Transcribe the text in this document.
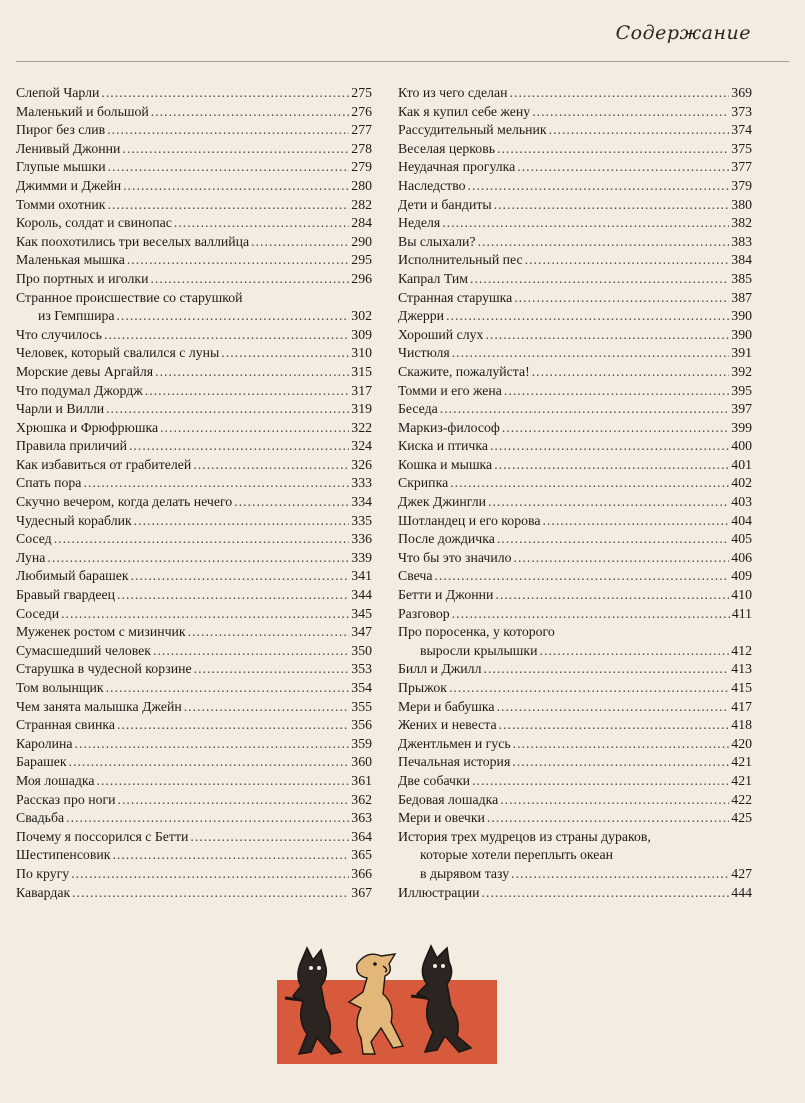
Содержание
Слепой Чарли .....	275
Маленький и большой .....	276
Пирог без слив .....	277
Ленивый Джонни .....	278
Глупые мышки .....	279
Джимми и Джейн .....	280
Томми охотник .....	282
Король, солдат и свинопас .....	284
Как поохотились три веселых валлийца .....	290
Маленькая мышка .....	295
Про портных и иголки .....	296
Странное происшествие со старушкой
из Гемпшира .....	302
Что случилось .....	309
Человек, который свалился с луны .....	310
Морские девы Аргайля .....	315
Что подумал Джордж .....	317
Чарли и Вилли .....	319
Хрюшка и Фрюфрюшка .....	322
Правила приличий .....	324
Как избавиться от грабителей .....	326
Спать пора .....	333
Скучно вечером, когда делать нечего .....	334
Чудесный кораблик .....	335
Сосед .....	336
Луна .....	339
Любимый барашек .....	341
Бравый гвардеец .....	344
Соседи .....	345
Муженек ростом с мизинчик .....	347
Сумасшедший человек .....	350
Старушка в чудесной корзине .....	353
Том волынщик .....	354
Чем занята малышка Джейн .....	355
Странная свинка .....	356
Каролина .....	359
Барашек .....	360
Моя лошадка .....	361
Рассказ про ноги .....	362
Свадьба .....	363
Почему я поссорился с Бетти .....	364
Шестипенсовик .....	365
По кругу .....	366
Кавардак .....	367
Кто из чего сделан .....	369
Как я купил себе жену .....	373
Рассудительный мельник .....	374
Веселая церковь .....	375
Неудачная прогулка .....	377
Наследство .....	379
Дети и бандиты .....	380
Неделя .....	382
Вы слыхали? .....	383
Исполнительный пес .....	384
Капрал Тим .....	385
Странная старушка .....	387
Джерри .....	390
Хороший слух .....	390
Чистюля .....	391
Скажите, пожалуйста! .....	392
Томми и его жена .....	395
Беседа .....	397
Маркиз-философ .....	399
Киска и птичка .....	400
Кошка и мышка .....	401
Скрипка .....	402
Джек Джингли .....	403
Шотландец и его корова .....	404
После дождичка .....	405
Что бы это значило .....	406
Свеча .....	409
Бетти и Джонни .....	410
Разговор .....	411
Про поросенка, у которого
выросли крылышки .....	412
Билл и Джилл .....	413
Прыжок .....	415
Мери и бабушка .....	417
Жених и невеста .....	418
Джентльмен и гусь .....	420
Печальная история .....	421
Две собачки .....	421
Бедовая лошадка .....	422
Мери и овечки .....	425
История трех мудрецов из страны дураков,
которые хотели переплыть океан
в дырявом тазу .....	427
Иллюстрации .....	444
